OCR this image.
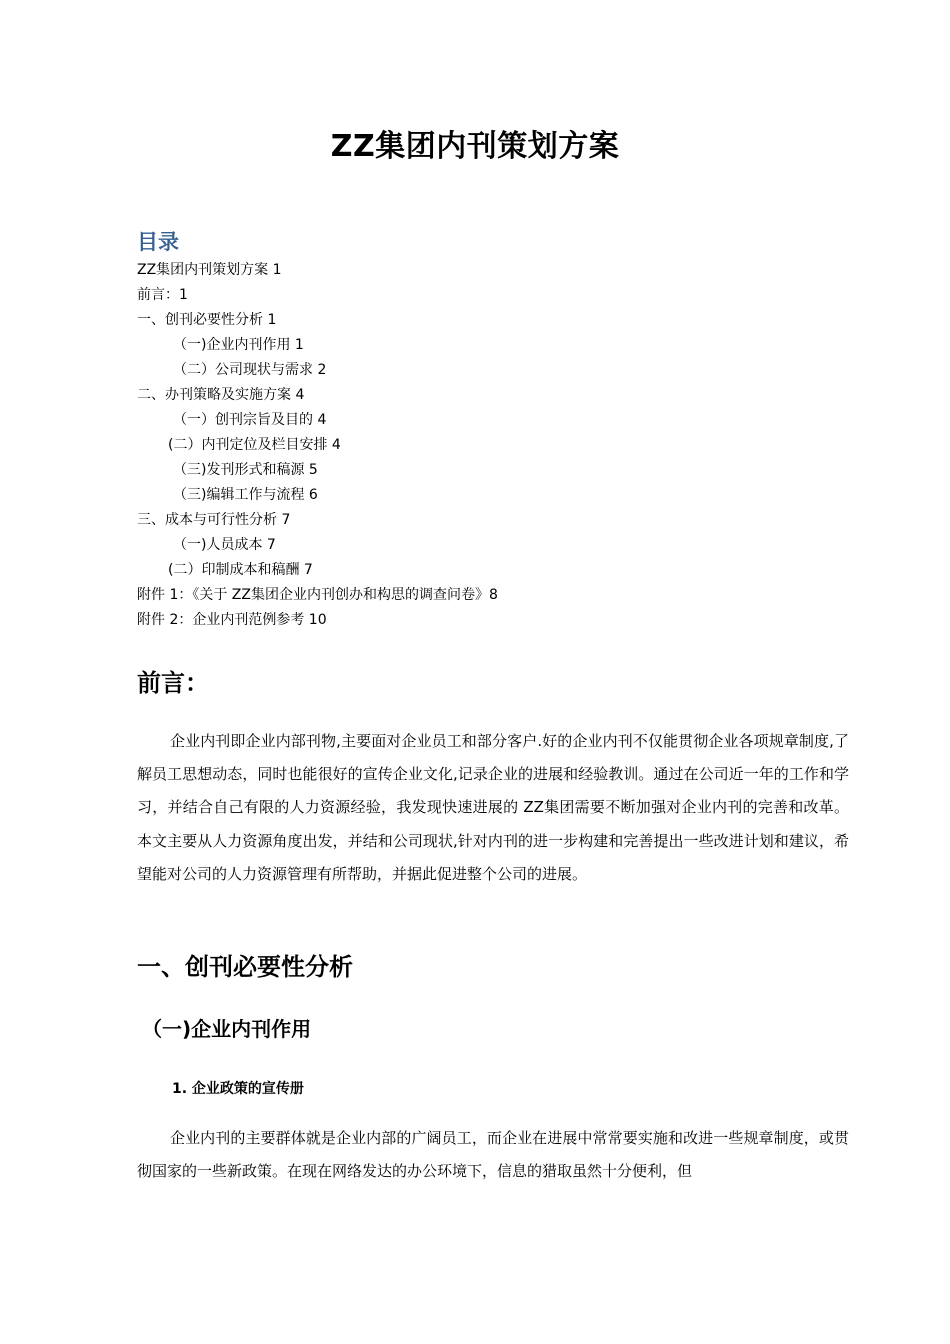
ZZ集团内刊策划方案
目录
ZZ集团内刊策划方案 1
前言：1
一、创刊必要性分析 1
（一)企业内刊作用 1
（二）公司现状与需求 2
二、办刊策略及实施方案 4
（一）创刊宗旨及目的 4
(二）内刊定位及栏目安排 4
（三)发刊形式和稿源 5
（三)编辑工作与流程 6
三、成本与可行性分析 7
（一)人员成本 7
(二）印制成本和稿酬 7
附件 1：《关于 ZZ集团企业内刊创办和构思的调查问卷》8
附件 2：企业内刊范例参考 10
前言：

企业内刊即企业内部刊物,主要面对企业员工和部分客户.好的企业内刊不仅能贯彻企业各项规章制度,了解员工思想动态，同时也能很好的宣传企业文化,记录企业的进展和经验教训。通过在公司近一年的工作和学习，并结合自己有限的人力资源经验，我发现快速进展的 ZZ集团需要不断加强对企业内刊的完善和改革。本文主要从人力资源角度出发，并结和公司现状,针对内刊的进一步构建和完善提出一些改进计划和建议，希望能对公司的人力资源管理有所帮助，并据此促进整个公司的进展。

一、创刊必要性分析
（一)企业内刊作用
1. 企业政策的宣传册

企业内刊的主要群体就是企业内部的广阔员工，而企业在进展中常常要实施和改进一些规章制度，或贯彻国家的一些新政策。在现在网络发达的办公环境下，信息的猎取虽然十分便利，但
